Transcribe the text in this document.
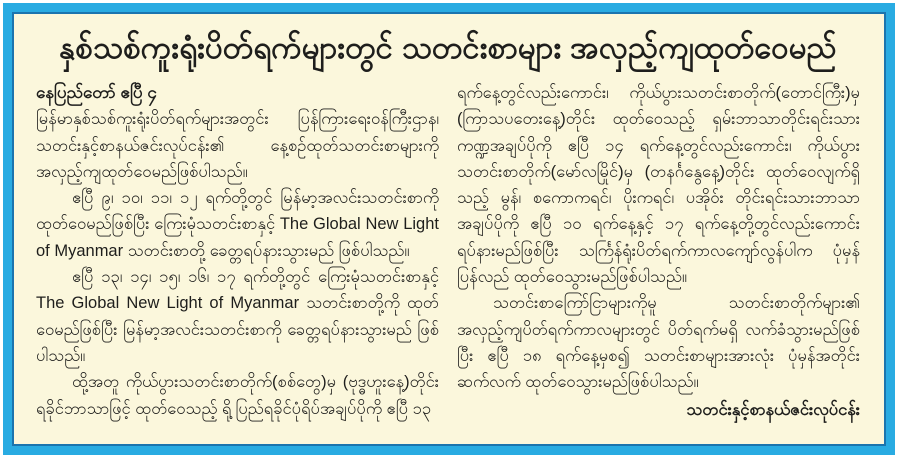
နှစ်သစ်ကူးရုံးပိတ်ရက်များတွင် သတင်းစာများ အလှည့်ကျထုတ်ဝေမည်

နေပြည်တော် ဧပြီ ၄

မြန်မာနှစ်သစ်ကူးရုံးပိတ်ရက်များအတွင်း ပြန်ကြားရေးဝန်ကြီးဌာန၊ သတင်းနှင့်စာနယ်ဇင်းလုပ်ငန်း၏ နေ့စဉ်ထုတ်သတင်းစာများကို အလှည့်ကျထုတ်ဝေမည်ဖြစ်ပါသည်။

ဧပြီ ၉၊ ၁၀၊ ၁၁၊ ၁၂ ရက်တို့တွင် မြန်မာ့အလင်းသတင်းစာကို ထုတ်ဝေမည်ဖြစ်ပြီး ကြေးမုံသတင်းစာနှင့် The Global New Light of Myanmar သတင်းစာတို့ ခေတ္တရပ်နားသွားမည် ဖြစ်ပါသည်။

ဧပြီ ၁၃၊ ၁၄၊ ၁၅၊ ၁၆၊ ၁၇ ရက်တို့တွင် ကြေးမုံသတင်းစာနှင့် The Global New Light of Myanmar သတင်းစာတို့ကို ထုတ်ဝေမည်ဖြစ်ပြီး မြန်မာ့အလင်းသတင်းစာကို ခေတ္တရပ်နားသွားမည် ဖြစ်ပါသည်။

ထို့အတူ ကိုယ်ပွားသတင်းစာတိုက်(စစ်တွေ)မှ (ဗုဒ္ဓဟူးနေ့)တိုင်း ရခိုင်ဘာသာဖြင့် ထုတ်ဝေသည့် ရို့ပြည်ရခိုင်ပုံရိပ်အချပ်ပိုကို ဧပြီ ၁၃

ရက်နေ့တွင်လည်းကောင်း၊ ကိုယ်ပွားသတင်းစာတိုက်(တောင်ကြီး)မှ (ကြာသပတေးနေ့)တိုင်း ထုတ်ဝေသည့် ရှမ်းဘာသာတိုင်းရင်းသားကဏ္ဍအချပ်ပိုကို ဧပြီ ၁၄ ရက်နေ့တွင်လည်းကောင်း၊ ကိုယ်ပွားသတင်းစာတိုက်(မော်လမြိုင်)မှ (တနင်္ဂနွေနေ့)တိုင်း ထုတ်ဝေလျက်ရှိသည့် မွန်၊ စကောကရင်၊ ပိုးကရင်၊ ပအိုဝ်း တိုင်းရင်းသားဘာသာအချပ်ပိုကို ဧပြီ ၁၀ ရက်နေ့နှင့် ၁၇ ရက်နေ့တို့တွင်လည်းကောင်း ရပ်နားမည်ဖြစ်ပြီး သင်္ကြန်ရုံးပိတ်ရက်ကာလကျော်လွန်ပါက ပုံမှန် ပြန်လည် ထုတ်ဝေသွားမည်ဖြစ်ပါသည်။

သတင်းစာကြော်ငြာများကိုမူ သတင်းစာတိုက်များ၏ အလှည့်ကျပိတ်ရက်ကာလများတွင် ပိတ်ရက်မရှိ လက်ခံသွားမည်ဖြစ်ပြီး ဧပြီ ၁၈ ရက်နေ့မှစ၍ သတင်းစာများအားလုံး ပုံမှန်အတိုင်း ဆက်လက် ထုတ်ဝေသွားမည်ဖြစ်ပါသည်။

သတင်းနှင့်စာနယ်ဇင်းလုပ်ငန်း
